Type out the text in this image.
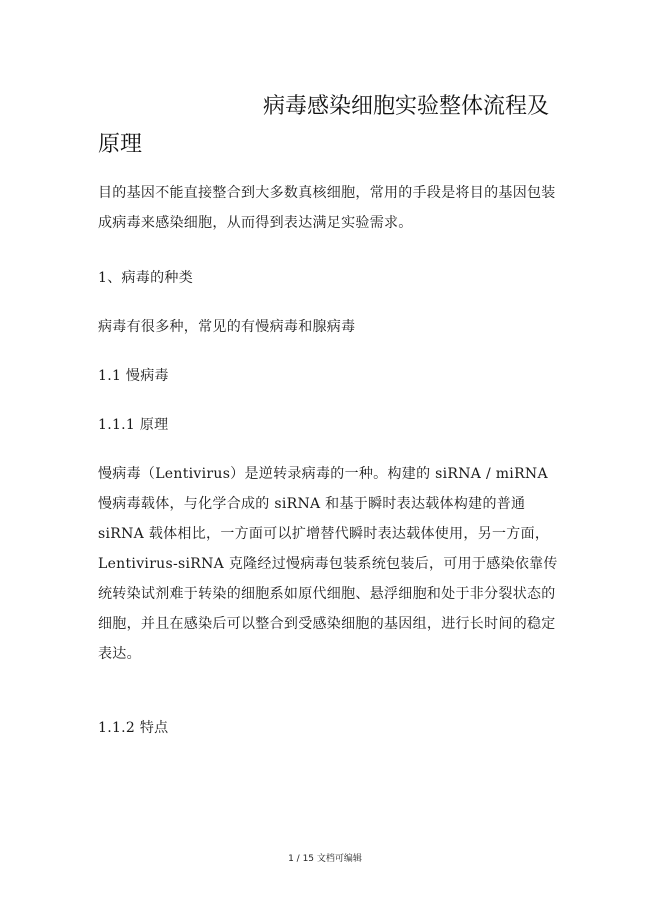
病毒感染细胞实验整体流程及
原理
目的基因不能直接整合到大多数真核细胞，常用的手段是将目的基因包装成病毒来感染细胞，从而得到表达满足实验需求。
1、病毒的种类
病毒有很多种，常见的有慢病毒和腺病毒
1.1 慢病毒
1.1.1 原理
慢病毒（Lentivirus）是逆转录病毒的一种。构建的 siRNA / miRNA 慢病毒载体，与化学合成的 siRNA 和基于瞬时表达载体构建的普通 siRNA 载体相比，一方面可以扩增替代瞬时表达载体使用，另一方面，Lentivirus-siRNA 克隆经过慢病毒包装系统包装后，可用于感染依靠传统转染试剂难于转染的细胞系如原代细胞、悬浮细胞和处于非分裂状态的细胞，并且在感染后可以整合到受感染细胞的基因组，进行长时间的稳定表达。
1.1.2 特点
1 / 15 文档可编辑
